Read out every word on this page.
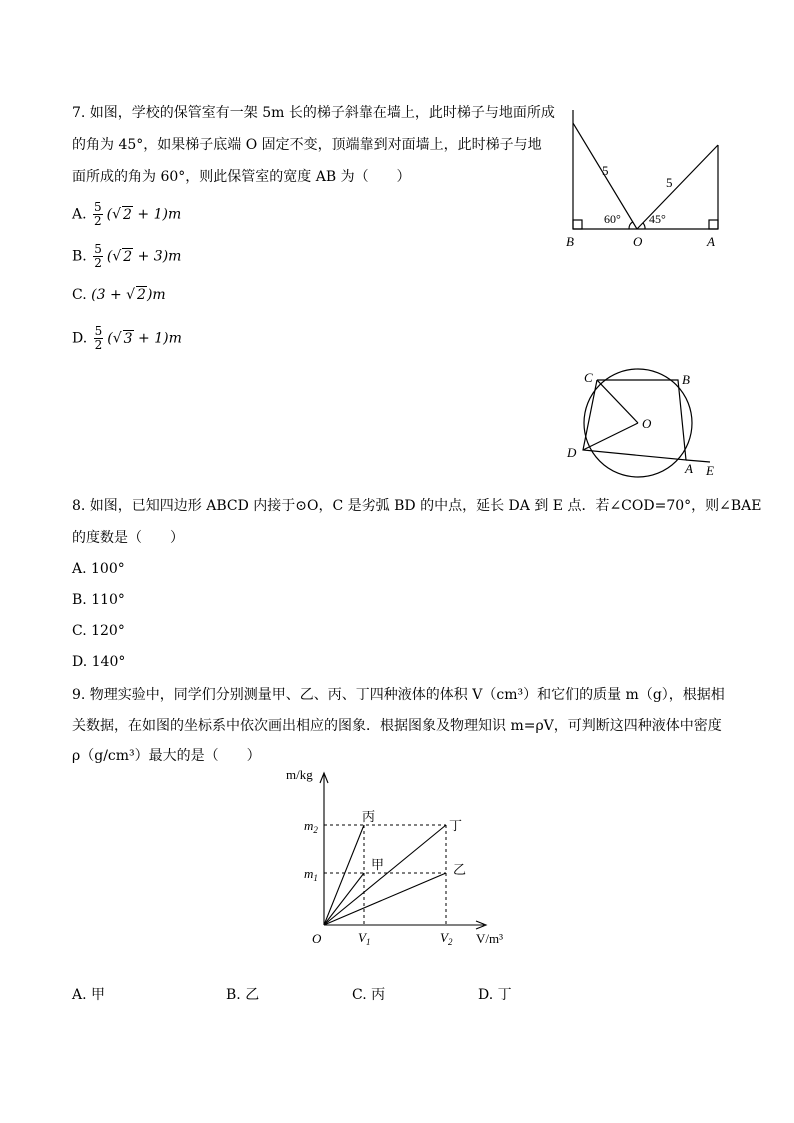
7. 如图，学校的保管室有一架 5m 长的梯子斜靠在墙上，此时梯子与地面所成
的角为 45°，如果梯子底端 O 固定不变，顶端靠到对面墙上，此时梯子与地
面所成的角为 60°，则此保管室的宽度 AB 为（　　）
A. $\frac{5}{2}$ (√ 2 + 1)m
B. $\frac{5}{2}$ (√ 2 + 3)m
C. (3 + √ 2)m
D. $\frac{5}{2}$ (√ 3 + 1)m
B	O	A
5
5
60° 45°
C	B
O
D
A E
8. 如图，已知四边形 ABCD 内接于⊙O，C 是劣弧 BD 的中点，延长 DA 到 E 点．若∠COD=70°，则∠BAE
的度数是（　　）
A. 100°
B. 110°
C. 120°
D. 140°
9. 物理实验中，同学们分别测量甲、乙、丙、丁四种液体的体积 V（cm³）和它们的质量 m（g），根据相
关数据，在如图的坐标系中依次画出相应的图象．根据图象及物理知识 m=ρV，可判断这四种液体中密度
ρ（g/cm³）最大的是（　　）
m/kg
V/m³
O
$m_2$
$m_1$
$V_1$	$V_2$
丙
丁
甲	乙
A. 甲	B. 乙	C. 丙	D. 丁
